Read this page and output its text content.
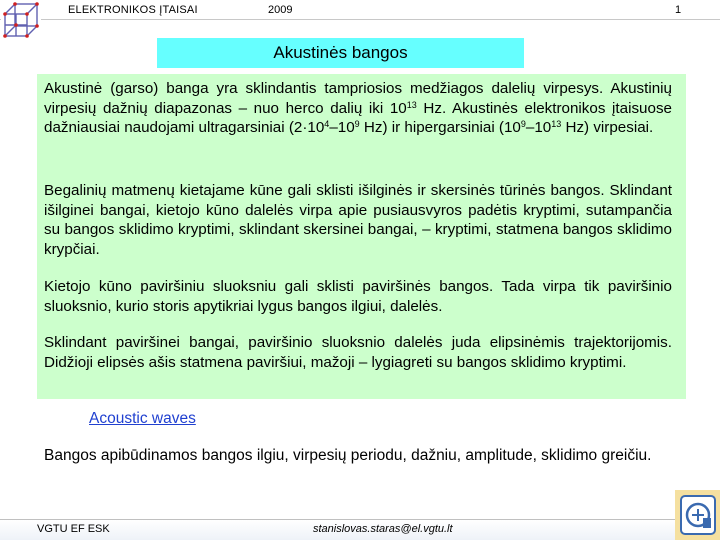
ELEKTRONIKOS ĮTAISAI	2009	1
Akustinės bangos
Akustinė (garso) banga yra sklindantis tampriosios medžiagos dalelių virpesys. Akustinių virpesių dažnių diapazonas – nuo herco dalių iki $10^{13}$ Hz. Akustinės elektronikos įtaisuose dažniausiai naudojami ultragarsiniai ($2\cdot 10^4-10^9$ Hz) ir hipergarsiniai ($10^9-10^{13}$ Hz) virpesiai.
Begalinių matmenų kietajame kūne gali sklisti išilginės ir skersinės tūrinės bangos. Sklindant išilginei bangai, kietojo kūno dalelės virpa apie pusiausvyros padėtis kryptimi, sutampančia su bangos sklidimo kryptimi, sklindant skersinei bangai, – kryptimi, statmena bangos sklidimo krypčiai.
Kietojo kūno paviršiniu sluoksniu gali sklisti paviršinės bangos. Tada virpa tik paviršinio sluoksnio, kurio storis apytikriai lygus bangos ilgiui, dalelės.
Sklindant paviršinei bangai, paviršinio sluoksnio dalelės juda elipsinėmis trajektorijomis. Didžioji elipsės ašis statmena paviršiui, mažoji – lygiagreti su bangos sklidimo kryptimi.
Acoustic waves
Bangos apibūdinamos bangos ilgiu, virpesių periodu, dažniu, amplitude, sklidimo greičiu.
VGTU EF ESK	stanislovas.staras@el.vgtu.lt
